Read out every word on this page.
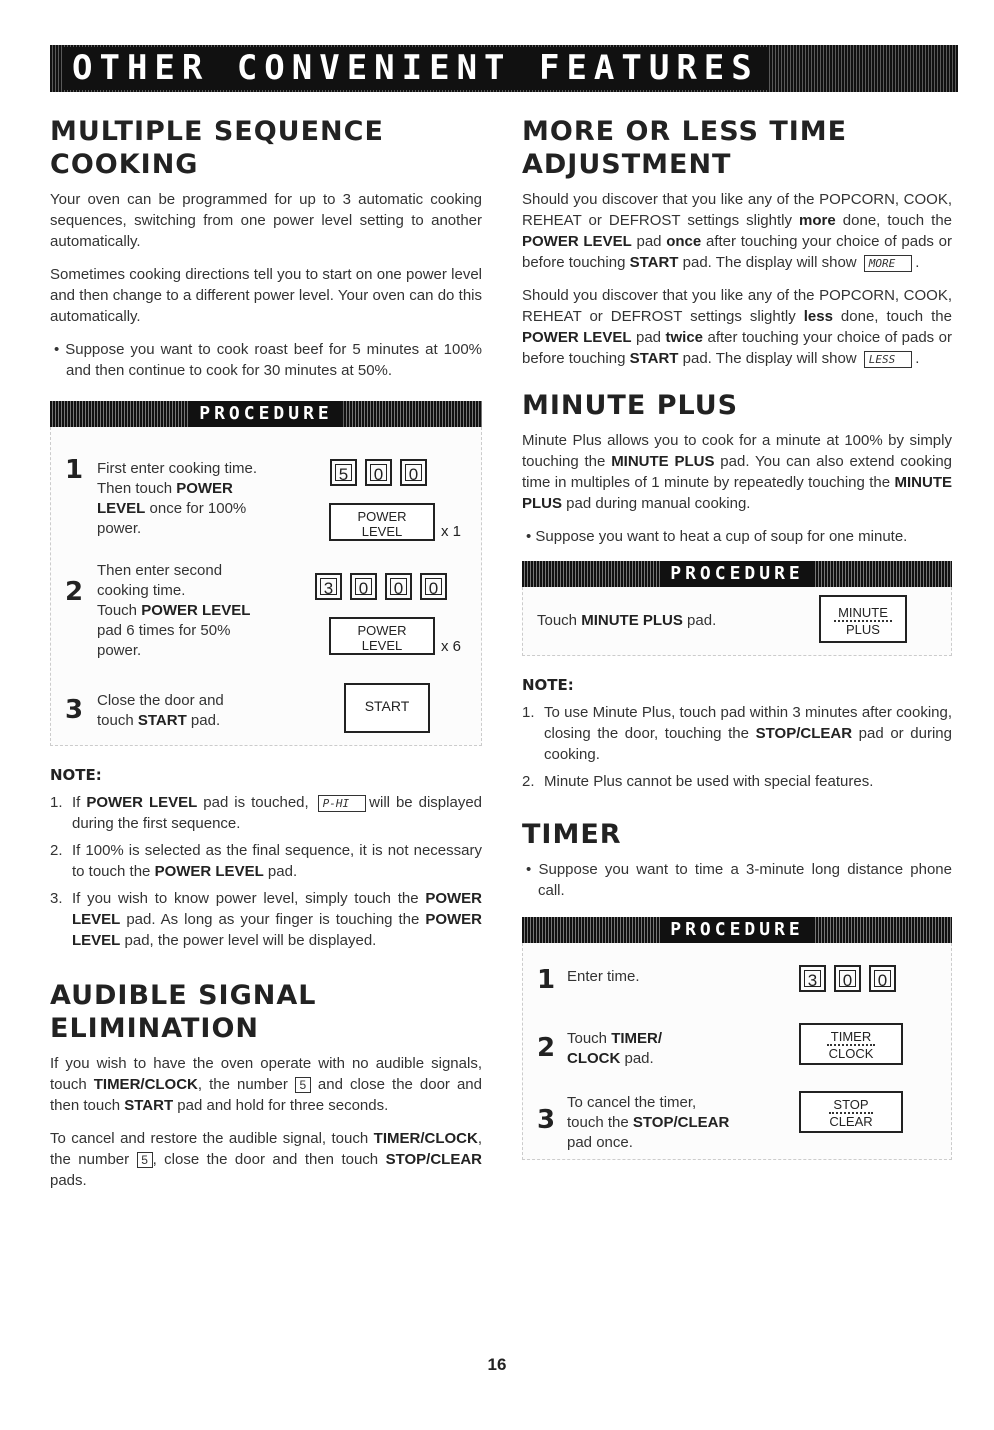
OTHER CONVENIENT FEATURES
MULTIPLE SEQUENCE
COOKING

Your oven can be programmed for up to 3 automatic cooking sequences, switching from one power level setting to another automatically.

Sometimes cooking directions tell you to start on one power level and then change to a different power level. Your oven can do this automatically.

• Suppose you want to cook roast beef for 5 minutes at 100% and then continue to cook for 30 minutes at 50%.

PROCEDURE
1 First enter cooking time.
Then touch POWER
LEVEL once for 100%
power.
5	0	0
POWER
LEVEL	x 1
2
Then enter second
cooking time.
Touch POWER LEVEL
pad 6 times for 50%
power.
3	0	0	0
POWER
LEVEL	x 6
3 Close the door and
touch START pad.
START
NOTE:
1. If POWER LEVEL pad is touched, P-HI will be displayed during the first sequence.
2. If 100% is selected as the final sequence, it is not necessary to touch the POWER LEVEL pad.
3. If you wish to know power level, simply touch the POWER LEVEL pad. As long as your finger is touching the POWER LEVEL pad, the power level will be displayed.
AUDIBLE SIGNAL
ELIMINATION

If you wish to have the oven operate with no audible signals, touch TIMER/CLOCK, the number 5 and close the door and then touch START pad and hold for three seconds.

To cancel and restore the audible signal, touch TIMER/CLOCK, the number 5 , close the door and then touch STOP/CLEAR pads.

MORE OR LESS TIME
ADJUSTMENT

Should you discover that you like any of the POPCORN, COOK, REHEAT or DEFROST settings slightly more done, touch the POWER LEVEL pad once after touching your choice of pads or before touching START pad. The display will show MORE .

Should you discover that you like any of the POPCORN, COOK, REHEAT or DEFROST settings slightly less done, touch the POWER LEVEL pad twice after touching your choice of pads or before touching START pad. The display will show LESS .

MINUTE PLUS

Minute Plus allows you to cook for a minute at 100% by simply touching the MINUTE PLUS pad. You can also extend cooking time in multiples of 1 minute by repeatedly touching the MINUTE PLUS pad during manual cooking.

• Suppose you want to heat a cup of soup for one minute.

PROCEDURE
Touch MINUTE PLUS pad.	MINUTE
PLUS
NOTE:
1. To use Minute Plus, touch pad within 3 minutes after cooking, closing the door, touching the STOP/CLEAR pad or during cooking.
2. Minute Plus cannot be used with special features.
TIMER

• Suppose you want to time a 3-minute long distance phone call.

PROCEDURE
1 Enter time.	3	0	0
2 Touch TIMER/
CLOCK pad.
TIMER
CLOCK
3
To cancel the timer,
touch the STOP/CLEAR
pad once.
STOP
CLEAR
16
